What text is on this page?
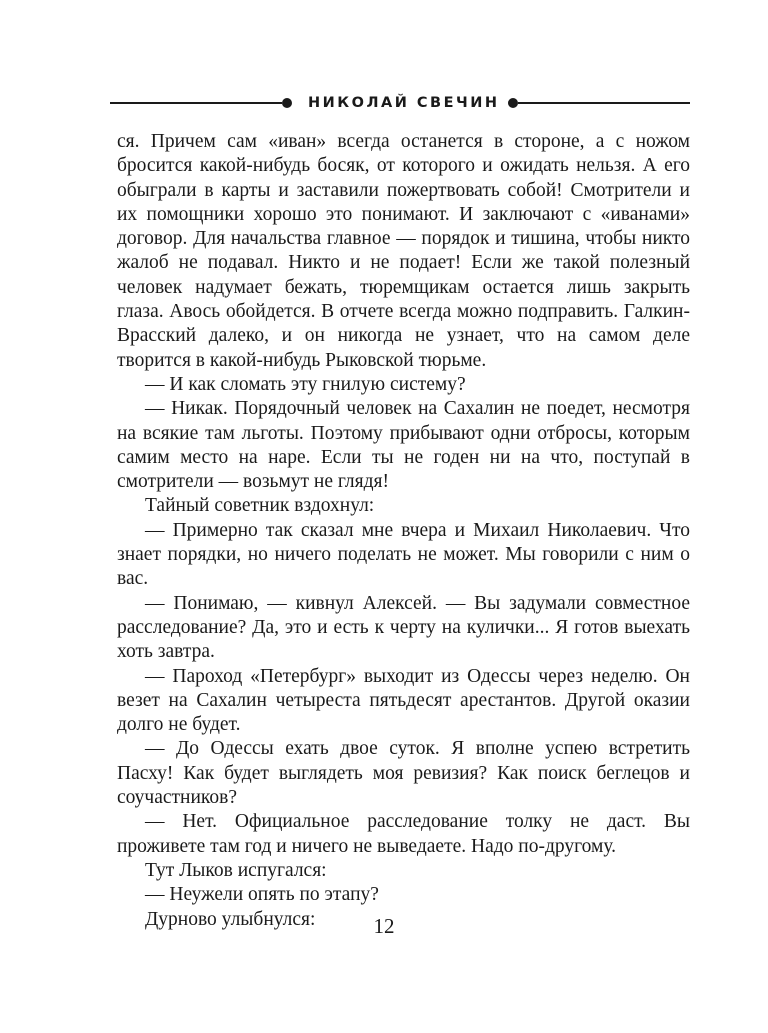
НИКОЛАЙ СВЕЧИН

ся. Причем сам «иван» всегда останется в стороне, а с ножом бросится какой-нибудь босяк, от которого и ожидать нельзя. А его обыграли в карты и заставили пожертвовать собой! Смотрители и их помощники хорошо это понимают. И заключают с «иванами» договор. Для начальства главное — порядок и тишина, чтобы никто жалоб не подавал. Никто и не подает! Если же такой полезный человек надумает бежать, тюремщикам остается лишь закрыть глаза. Авось обойдется. В отчете всегда можно подправить. Галкин-Врасский далеко, и он никогда не узнает, что на самом деле творится в какой-нибудь Рыковской тюрьме.

— И как сломать эту гнилую систему?

— Никак. Порядочный человек на Сахалин не поедет, несмотря на всякие там льготы. Поэтому прибывают одни отбросы, которым самим место на наре. Если ты не годен ни на что, поступай в смотрители — возьмут не глядя!

Тайный советник вздохнул:

— Примерно так сказал мне вчера и Михаил Николаевич. Что знает порядки, но ничего поделать не может. Мы говорили с ним о вас.

— Понимаю, — кивнул Алексей. — Вы задумали совместное расследование? Да, это и есть к черту на кулички... Я готов выехать хоть завтра.

— Пароход «Петербург» выходит из Одессы через неделю. Он везет на Сахалин четыреста пятьдесят арестантов. Другой оказии долго не будет.

— До Одессы ехать двое суток. Я вполне успею встретить Пасху! Как будет выглядеть моя ревизия? Как поиск беглецов и соучастников?

— Нет. Официальное расследование толку не даст. Вы проживете там год и ничего не выведаете. Надо по-другому.

Тут Лыков испугался:

— Неужели опять по этапу?

Дурново улыбнулся:	12
